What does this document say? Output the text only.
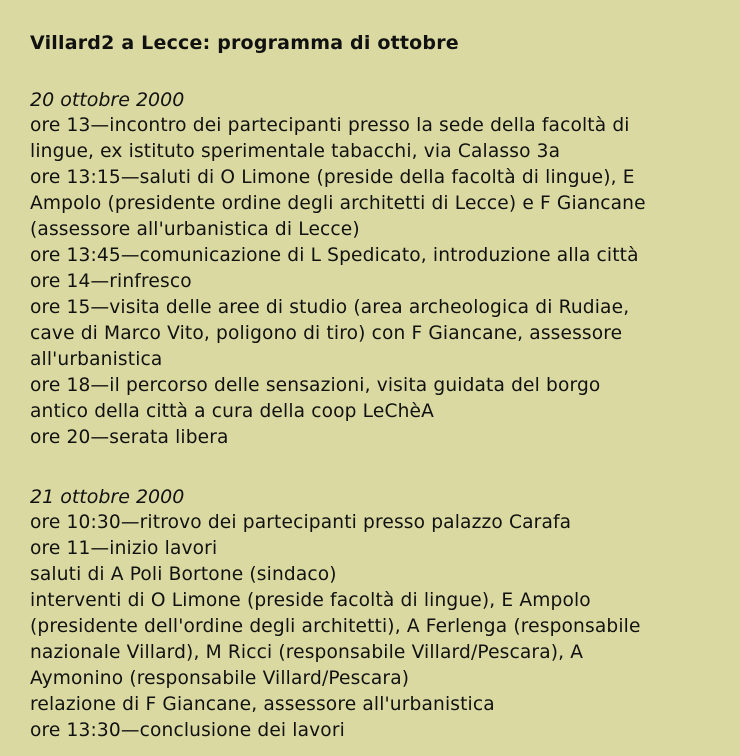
Villard2 a Lecce: programma di ottobre
20 ottobre 2000
ore 13—incontro dei partecipanti presso la sede della facoltà di
lingue, ex istituto sperimentale tabacchi, via Calasso 3a
ore 13:15—saluti di O Limone (preside della facoltà di lingue), E
Ampolo (presidente ordine degli architetti di Lecce) e F Giancane
(assessore all'urbanistica di Lecce)
ore 13:45—comunicazione di L Spedicato, introduzione alla città
ore 14—rinfresco
ore 15—visita delle aree di studio (area archeologica di Rudiae,
cave di Marco Vito, poligono di tiro) con F Giancane, assessore
all'urbanistica
ore 18—il percorso delle sensazioni, visita guidata del borgo
antico della città a cura della coop LeChèA
ore 20—serata libera
21 ottobre 2000
ore 10:30—ritrovo dei partecipanti presso palazzo Carafa
ore 11—inizio lavori
saluti di A Poli Bortone (sindaco)
interventi di O Limone (preside facoltà di lingue), E Ampolo
(presidente dell'ordine degli architetti), A Ferlenga (responsabile
nazionale Villard), M Ricci (responsabile Villard/Pescara), A
Aymonino (responsabile Villard/Pescara)
relazione di F Giancane, assessore all'urbanistica
ore 13:30—conclusione dei lavori
